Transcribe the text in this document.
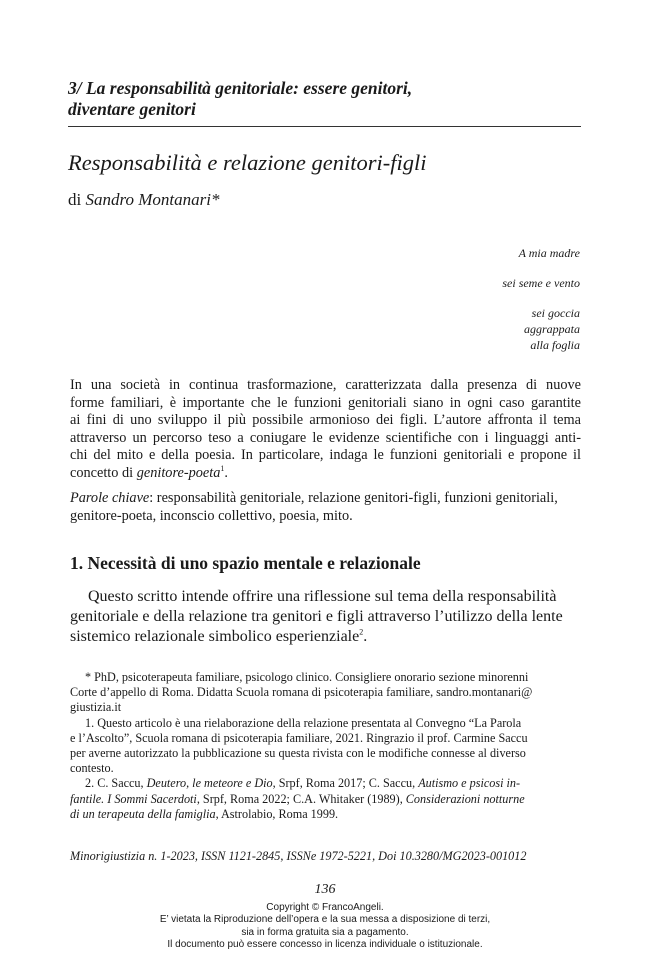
3/ La responsabilità genitoriale: essere genitori,
diventare genitori
Responsabilità e relazione genitori-figli
di Sandro Montanari*

A mia madre

sei seme e vento

sei goccia

aggrappata

alla foglia

In una società in continua trasformazione, caratterizzata dalla presenza di nuove
forme familiari, è importante che le funzioni genitoriali siano in ogni caso garantite
ai fini di uno sviluppo il più possibile armonioso dei figli. L’autore affronta il tema
attraverso un percorso teso a coniugare le evidenze scientifiche con i linguaggi anti-
chi del mito e della poesia. In particolare, indaga le funzioni genitoriali e propone il
concetto di genitore-poeta$^1$.
Parole chiave: responsabilità genitoriale, relazione genitori-figli, funzioni genitoriali,
genitore-poeta, inconscio collettivo, poesia, mito.
1. Necessità di uno spazio mentale e relazionale
Questo scritto intende offrire una riflessione sul tema della responsabilità
genitoriale e della relazione tra genitori e figli attraverso l’utilizzo della lente
sistemico relazionale simbolico esperienziale$^2$.
* PhD, psicoterapeuta familiare, psicologo clinico. Consigliere onorario sezione minorenni
Corte d’appello di Roma. Didatta Scuola romana di psicoterapia familiare, sandro.montanari@
giustizia.it
1. Questo articolo è una rielaborazione della relazione presentata al Convegno “La Parola
e l’Ascolto”, Scuola romana di psicoterapia familiare, 2021. Ringrazio il prof. Carmine Saccu
per averne autorizzato la pubblicazione su questa rivista con le modifiche connesse al diverso
contesto.
2. C. Saccu, Deutero, le meteore e Dio, Srpf, Roma 2017; C. Saccu, Autismo e psicosi in-
fantile. I Sommi Sacerdoti, Srpf, Roma 2022; C.A. Whitaker (1989), Considerazioni notturne
di un terapeuta della famiglia, Astrolabio, Roma 1999.
Minorigiustizia n. 1-2023, ISSN 1121-2845, ISSNe 1972-5221, Doi 10.3280/MG2023-001012
136
Copyright © FrancoAngeli.
E’ vietata la Riproduzione dell’opera e la sua messa a disposizione di terzi,
sia in forma gratuita sia a pagamento.
Il documento può essere concesso in licenza individuale o istituzionale.
